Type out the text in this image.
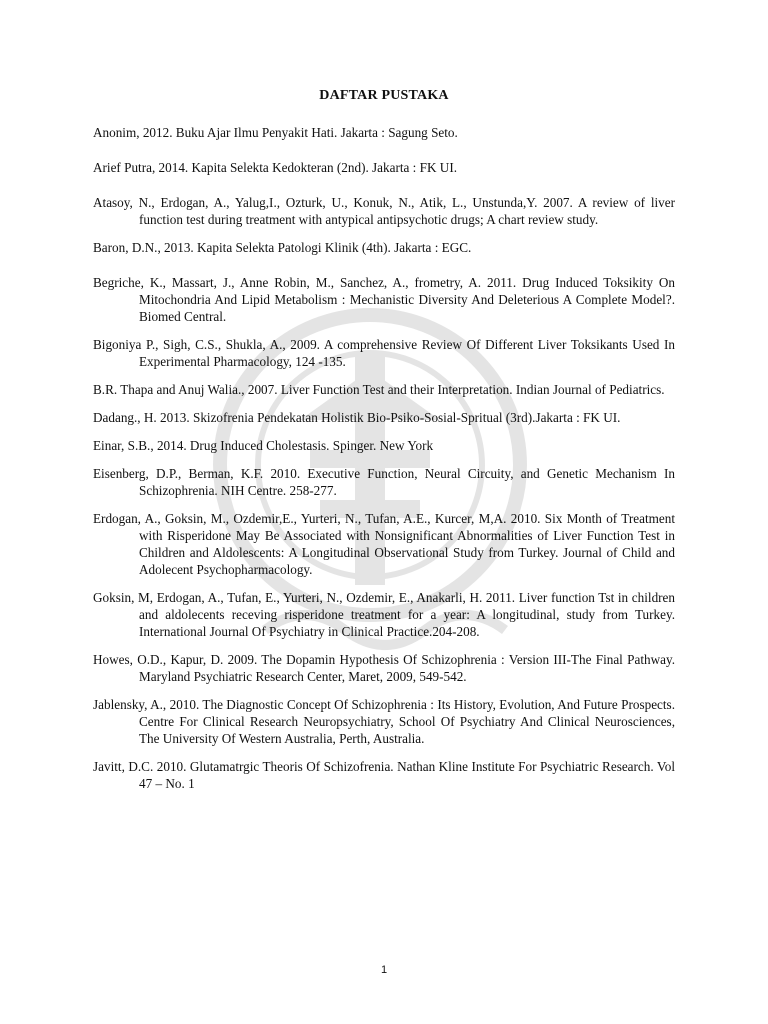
DAFTAR PUSTAKA

Anonim, 2012. Buku Ajar Ilmu Penyakit Hati. Jakarta : Sagung Seto.

Arief Putra, 2014. Kapita Selekta Kedokteran (2nd). Jakarta : FK UI.

Atasoy, N., Erdogan, A., Yalug,I., Ozturk, U., Konuk, N., Atik, L., Unstunda,Y. 2007. A review of liver function test during treatment with antypical antipsychotic drugs; A chart review study.

Baron, D.N., 2013. Kapita Selekta Patologi Klinik (4th). Jakarta : EGC.

Begriche, K., Massart, J., Anne Robin, M., Sanchez, A., frometry, A. 2011. Drug Induced Toksikity On Mitochondria And Lipid Metabolism : Mechanistic Diversity And Deleterious A Complete Model?. Biomed Central.

Bigoniya P., Sigh, C.S., Shukla, A., 2009. A comprehensive Review Of Different Liver Toksikants Used In Experimental Pharmacology, 124 -135.

B.R. Thapa and Anuj Walia., 2007. Liver Function Test and their Interpretation. Indian Journal of Pediatrics.

Dadang., H. 2013. Skizofrenia Pendekatan Holistik Bio-Psiko-Sosial-Spritual (3rd).Jakarta : FK UI.

Einar, S.B., 2014. Drug Induced Cholestasis. Spinger. New York

Eisenberg, D.P., Berman, K.F. 2010. Executive Function, Neural Circuity, and Genetic Mechanism In Schizophrenia. NIH Centre. 258-277.

Erdogan, A., Goksin, M., Ozdemir,E., Yurteri, N., Tufan, A.E., Kurcer, M,A. 2010. Six Month of Treatment with Risperidone May Be Associated with Nonsignificant Abnormalities of Liver Function Test in Children and Aldolescents: A Longitudinal Observational Study from Turkey. Journal of Child and Adolecent Psychopharmacology.

Goksin, M, Erdogan, A., Tufan, E., Yurteri, N., Ozdemir, E., Anakarli, H. 2011. Liver function Tst in children and aldolecents receving risperidone treatment for a year: A longitudinal, study from Turkey. International Journal Of Psychiatry in Clinical Practice.204-208.

Howes, O.D., Kapur, D. 2009. The Dopamin Hypothesis Of Schizophrenia : Version III-The Final Pathway. Maryland Psychiatric Research Center, Maret, 2009, 549-542.

Jablensky, A., 2010. The Diagnostic Concept Of Schizophrenia : Its History, Evolution, And Future Prospects. Centre For Clinical Research Neuropsychiatry, School Of Psychiatry And Clinical Neurosciences, The University Of Western Australia, Perth, Australia.

Javitt, D.C. 2010. Glutamatrgic Theoris Of Schizofrenia. Nathan Kline Institute For Psychiatric Research. Vol 47 – No. 1

1
